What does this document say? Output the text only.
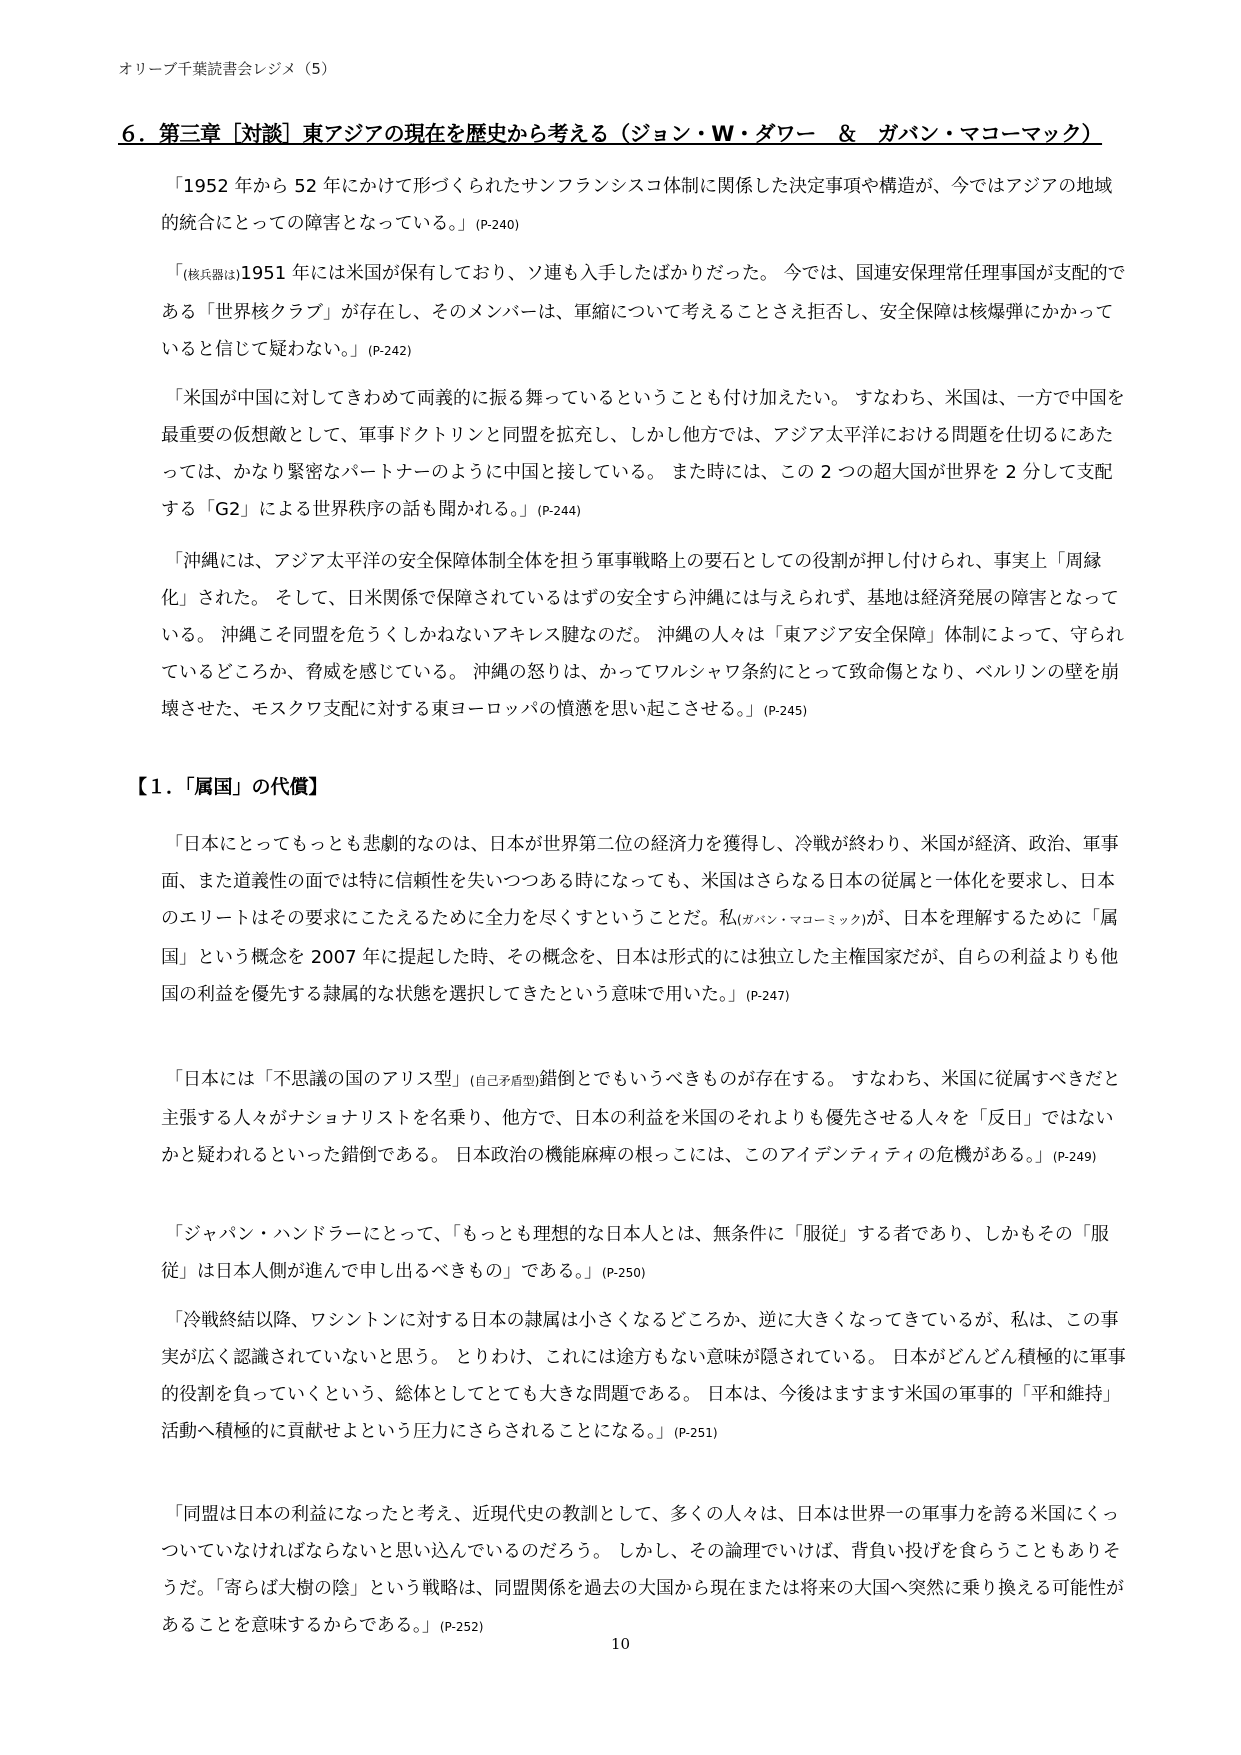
オリーブ千葉読書会レジメ（5）
６．第三章［対談］東アジアの現在を歴史から考える（ジョン・W・ダワー　＆　ガバン・マコーマック）
「1952 年から 52 年にかけて形づくられたサンフランシスコ体制に関係した決定事項や構造が、今ではアジアの地域的統合にとっての障害となっている。」(P-240)
「(核兵器は)1951 年には米国が保有しており、ソ連も入手したばかりだった。 今では、国連安保理常任理事国が支配的である「世界核クラブ」が存在し、そのメンバーは、軍縮について考えることさえ拒否し、安全保障は核爆弾にかかっていると信じて疑わない。」(P-242)
「米国が中国に対してきわめて両義的に振る舞っているということも付け加えたい。 すなわち、米国は、一方で中国を最重要の仮想敵として、軍事ドクトリンと同盟を拡充し、しかし他方では、アジア太平洋における問題を仕切るにあたっては、かなり緊密なパートナーのように中国と接している。 また時には、この 2 つの超大国が世界を 2 分して支配する「G2」による世界秩序の話も聞かれる。」(P-244)
「沖縄には、アジア太平洋の安全保障体制全体を担う軍事戦略上の要石としての役割が押し付けられ、事実上「周縁化」された。 そして、日米関係で保障されているはずの安全すら沖縄には与えられず、基地は経済発展の障害となっている。 沖縄こそ同盟を危うくしかねないアキレス腱なのだ。 沖縄の人々は「東アジア安全保障」体制によって、守られているどころか、脅威を感じている。 沖縄の怒りは、かってワルシャワ条約にとって致命傷となり、ベルリンの壁を崩壊させた、モスクワ支配に対する東ヨーロッパの憤懣を思い起こさせる。」(P-245)
【１．「属国」の代償】
「日本にとってもっとも悲劇的なのは、日本が世界第二位の経済力を獲得し、冷戦が終わり、米国が経済、政治、軍事面、また道義性の面では特に信頼性を失いつつある時になっても、米国はさらなる日本の従属と一体化を要求し、日本のエリートはその要求にこたえるために全力を尽くすということだ。私(ガバン・マコーミック)が、日本を理解するために「属国」という概念を 2007 年に提起した時、その概念を、日本は形式的には独立した主権国家だが、自らの利益よりも他国の利益を優先する隷属的な状態を選択してきたという意味で用いた。」(P-247)
「日本には「不思議の国のアリス型」(自己矛盾型)錯倒とでもいうべきものが存在する。 すなわち、米国に従属すべきだと主張する人々がナショナリストを名乗り、他方で、日本の利益を米国のそれよりも優先させる人々を「反日」ではないかと疑われるといった錯倒である。 日本政治の機能麻痺の根っこには、このアイデンティティの危機がある。」(P-249)
「ジャパン・ハンドラーにとって、「もっとも理想的な日本人とは、無条件に「服従」する者であり、しかもその「服従」は日本人側が進んで申し出るべきもの」である。」(P-250)
「冷戦終結以降、ワシントンに対する日本の隷属は小さくなるどころか、逆に大きくなってきているが、私は、この事実が広く認識されていないと思う。 とりわけ、これには途方もない意味が隠されている。 日本がどんどん積極的に軍事的役割を負っていくという、総体としてとても大きな問題である。 日本は、今後はますます米国の軍事的「平和維持」活動へ積極的に貢献せよという圧力にさらされることになる。」(P-251)
「同盟は日本の利益になったと考え、近現代史の教訓として、多くの人々は、日本は世界一の軍事力を誇る米国にくっついていなければならないと思い込んでいるのだろう。 しかし、その論理でいけば、背負い投げを食らうこともありそうだ。「寄らば大樹の陰」という戦略は、同盟関係を過去の大国から現在または将来の大国へ突然に乗り換える可能性があることを意味するからである。」(P-252)
10
